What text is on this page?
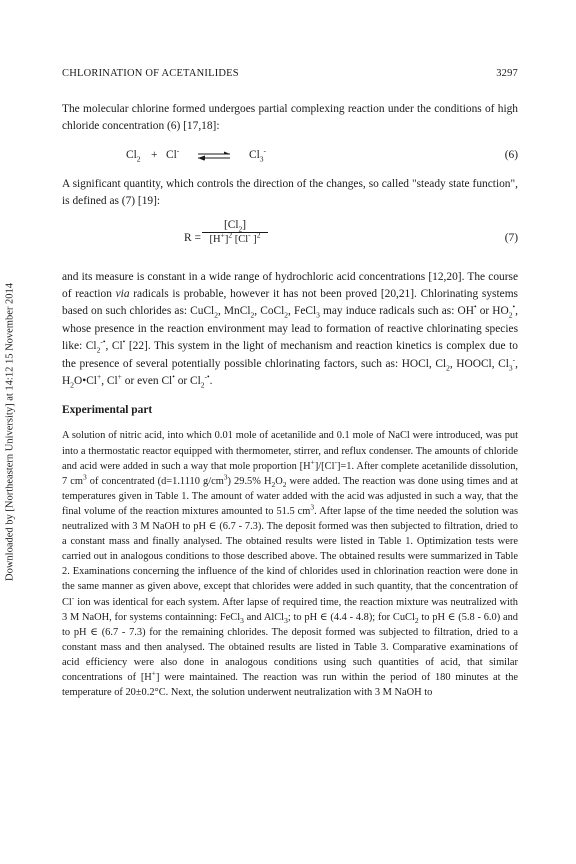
Downloaded by [Northeastern University] at 14:12 15 November 2014
CHLORINATION OF ACETANILIDES	3297

The molecular chlorine formed undergoes partial complexing reaction under the conditions of high chloride concentration (6) [17,18]:

$Cl_2 + Cl^-$ ⇌ $Cl_3^-$	(6)

A significant quantity, which controls the direction of the changes, so called "steady state function", is defined as (7) [19]:

R =
$[Cl_2]$
$[H^+]^2$ [Cl- ]$^2$	(7)

and its measure is constant in a wide range of hydrochloric acid concentrations [12,20]. The course of reaction via radicals is probable, however it has not been proved [20,21]. Chlorinating systems based on such chlorides as: CuCl$_2$, MnCl$_2$, CoCl$_2$, FeCl$_3$ may induce radicals such as: OH• or $HO_2^•$, whose presence in the reaction environment may lead to formation of reactive chlorinating species like: $Cl_2^{-•}$, Cl• [22]. This system in the light of mechanism and reaction kinetics is complex due to the presence of several potentially possible chlorinating factors, such as: HOCl, $Cl_2$, HOOCl, $Cl_3^-$, $H_2O•Cl^+$, Cl+ or even Cl• or $Cl_2^{-•}$.

Experimental part

A solution of nitric acid, into which 0.01 mole of acetanilide and 0.1 mole of NaCl were introduced, was put into a thermostatic reactor equipped with thermometer, stirrer, and reflux condenser. The amounts of chloride and acid were added in such a way that mole proportion [H+]/[Cl-]=1. After complete acetanilide dissolution, 7 $cm^3$ of concentrated (d=1.1110 $g/cm^3$) 29.5% $H_2O_2$ were added. The reaction was done using times and at temperatures given in Table 1. The amount of water added with the acid was adjusted in such a way, that the final volume of the reaction mixtures amounted to 51.5 $cm^3$. After lapse of the time needed the solution was neutralized with 3 M NaOH to pH ∈ (6.7 - 7.3). The deposit formed was then subjected to filtration, dried to a constant mass and finally analysed. The obtained results were listed in Table 1. Optimization tests were carried out in analogous conditions to those described above. The obtained results were summarized in Table 2. Examinations concerning the influence of the kind of chlorides used in chlorination reaction were done in the same manner as given above, except that chlorides were added in such quantity, that the concentration of Cl- ion was identical for each system. After lapse of required time, the reaction mixture was neutralized with 3 M NaOH, for systems containning: FeCl$_3$ and AlCl$_3$; to pH ∈ (4.4 - 4.8); for CuCl$_2$ to pH ∈ (5.8 - 6.0) and to pH ∈ (6.7 - 7.3) for the remaining chlorides. The deposit formed was subjected to filtration, dried to a constant mass and then analysed. The obtained results are listed in Table 3. Comparative examinations of acid efficiency were also done in analogous conditions using such quantities of acid, that similar concentrations of [H+] were maintained. The reaction was run within the period of 180 minutes at the temperature of 20±0.2°C. Next, the solution underwent neutralization with 3 M NaOH to
